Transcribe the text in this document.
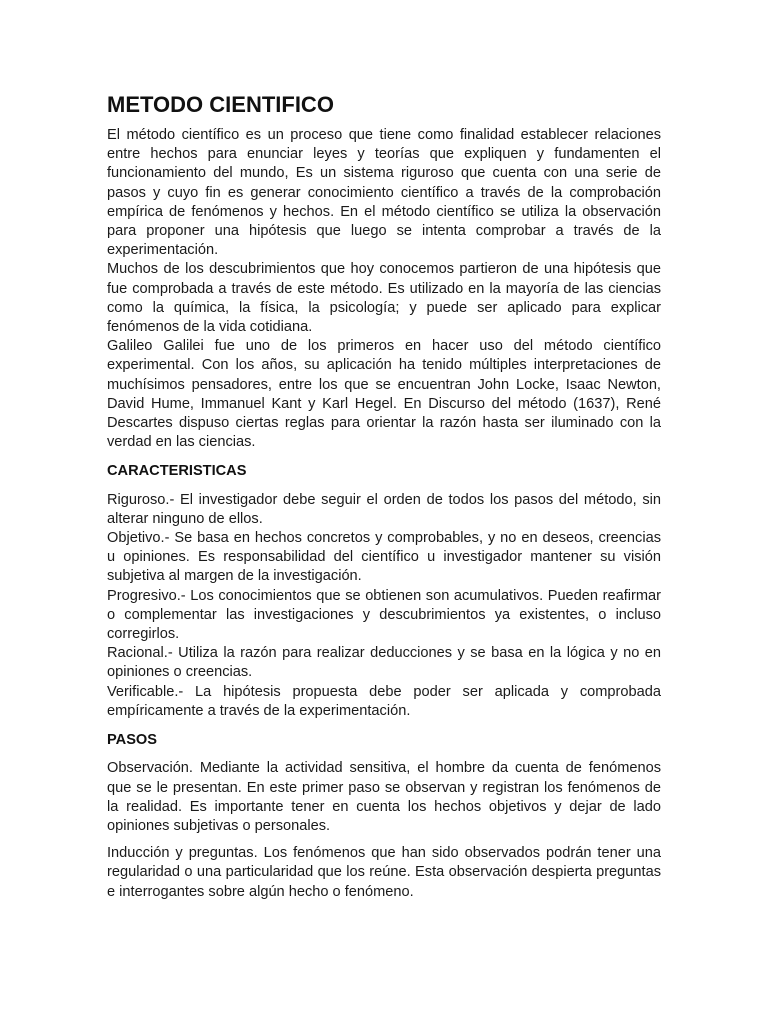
METODO CIENTIFICO

El método científico es un proceso que tiene como finalidad establecer relaciones entre hechos para enunciar leyes y teorías que expliquen y fundamenten el funcionamiento del mundo, Es un sistema riguroso que cuenta con una serie de pasos y cuyo fin es generar conocimiento científico a través de la comprobación empírica de fenómenos y hechos. En el método científico se utiliza la observación para proponer una hipótesis que luego se intenta comprobar a través de la experimentación.

Muchos de los descubrimientos que hoy conocemos partieron de una hipótesis que fue comprobada a través de este método. Es utilizado en la mayoría de las ciencias como la química, la física, la psicología; y puede ser aplicado para explicar fenómenos de la vida cotidiana.

Galileo Galilei fue uno de los primeros en hacer uso del método científico experimental. Con los años, su aplicación ha tenido múltiples interpretaciones de muchísimos pensadores, entre los que se encuentran John Locke, Isaac Newton, David Hume, Immanuel Kant y Karl Hegel. En Discurso del método (1637), René Descartes dispuso ciertas reglas para orientar la razón hasta ser iluminado con la verdad en las ciencias.

CARACTERISTICAS

Riguroso.- El investigador debe seguir el orden de todos los pasos del método, sin alterar ninguno de ellos.

Objetivo.- Se basa en hechos concretos y comprobables, y no en deseos, creencias u opiniones. Es responsabilidad del científico u investigador mantener su visión subjetiva al margen de la investigación.

Progresivo.- Los conocimientos que se obtienen son acumulativos. Pueden reafirmar o complementar las investigaciones y descubrimientos ya existentes, o incluso corregirlos.

Racional.- Utiliza la razón para realizar deducciones y se basa en la lógica y no en opiniones o creencias.

Verificable.- La hipótesis propuesta debe poder ser aplicada y comprobada empíricamente a través de la experimentación.

PASOS

Observación. Mediante la actividad sensitiva, el hombre da cuenta de fenómenos que se le presentan. En este primer paso se observan y registran los fenómenos de la realidad. Es importante tener en cuenta los hechos objetivos y dejar de lado opiniones subjetivas o personales.

Inducción y preguntas. Los fenómenos que han sido observados podrán tener una regularidad o una particularidad que los reúne. Esta observación despierta preguntas e interrogantes sobre algún hecho o fenómeno.
